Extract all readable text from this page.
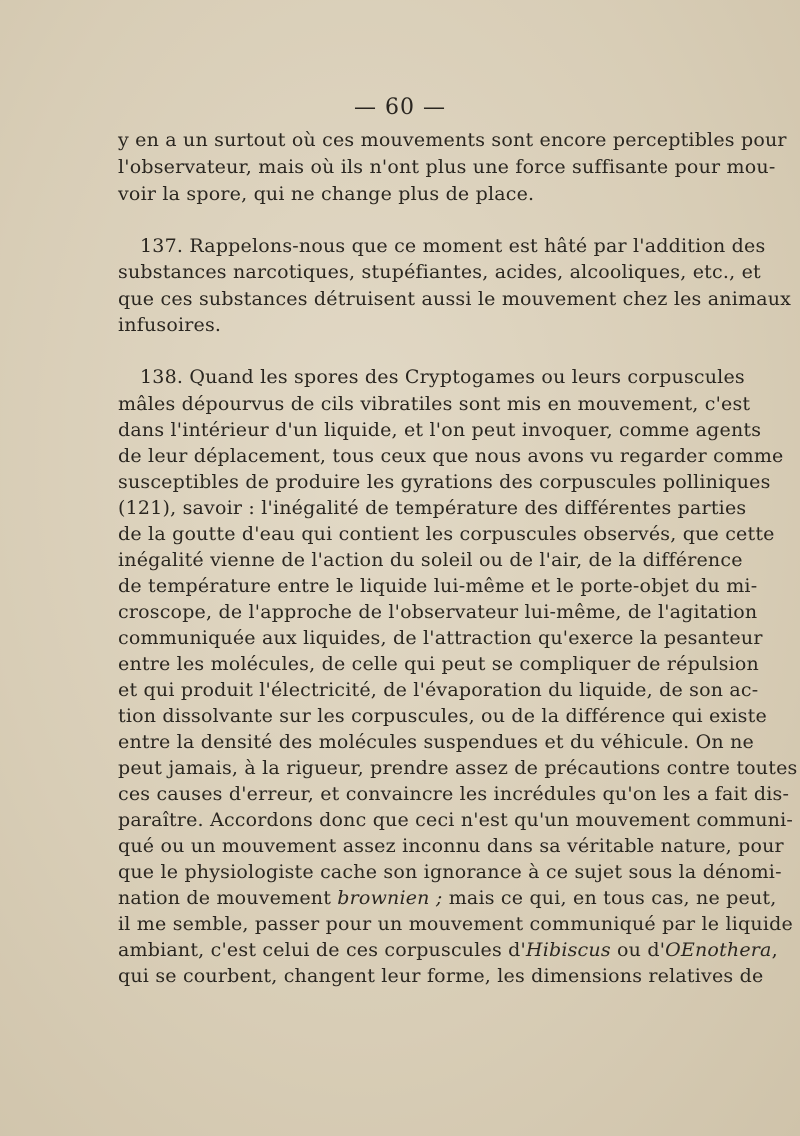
— 60 —
y en a un surtout où ces mouvements sont encore perceptibles pour
l'observateur, mais où ils n'ont plus une force suffisante pour mou-
voir la spore, qui ne change plus de place.
137. Rappelons-nous que ce moment est hâté par l'addition des
substances narcotiques, stupéfiantes, acides, alcooliques, etc., et
que ces substances détruisent aussi le mouvement chez les animaux
infusoires.
138. Quand les spores des Cryptogames ou leurs corpuscules
mâles dépourvus de cils vibratiles sont mis en mouvement, c'est
dans l'intérieur d'un liquide, et l'on peut invoquer, comme agents
de leur déplacement, tous ceux que nous avons vu regarder comme
susceptibles de produire les gyrations des corpuscules polliniques
(121), savoir : l'inégalité de température des différentes parties
de la goutte d'eau qui contient les corpuscules observés, que cette
inégalité vienne de l'action du soleil ou de l'air, de la différence
de température entre le liquide lui-même et le porte-objet du mi-
croscope, de l'approche de l'observateur lui-même, de l'agitation
communiquée aux liquides, de l'attraction qu'exerce la pesanteur
entre les molécules, de celle qui peut se compliquer de répulsion
et qui produit l'électricité, de l'évaporation du liquide, de son ac-
tion dissolvante sur les corpuscules, ou de la différence qui existe
entre la densité des molécules suspendues et du véhicule. On ne
peut jamais, à la rigueur, prendre assez de précautions contre toutes
ces causes d'erreur, et convaincre les incrédules qu'on les a fait dis-
paraître. Accordons donc que ceci n'est qu'un mouvement communi-
qué ou un mouvement assez inconnu dans sa véritable nature, pour
que le physiologiste cache son ignorance à ce sujet sous la dénomi-
nation de mouvement brownien ; mais ce qui, en tous cas, ne peut,
il me semble, passer pour un mouvement communiqué par le liquide
ambiant, c'est celui de ces corpuscules d'Hibiscus ou d'OEnothera,
qui se courbent, changent leur forme, les dimensions relatives de
